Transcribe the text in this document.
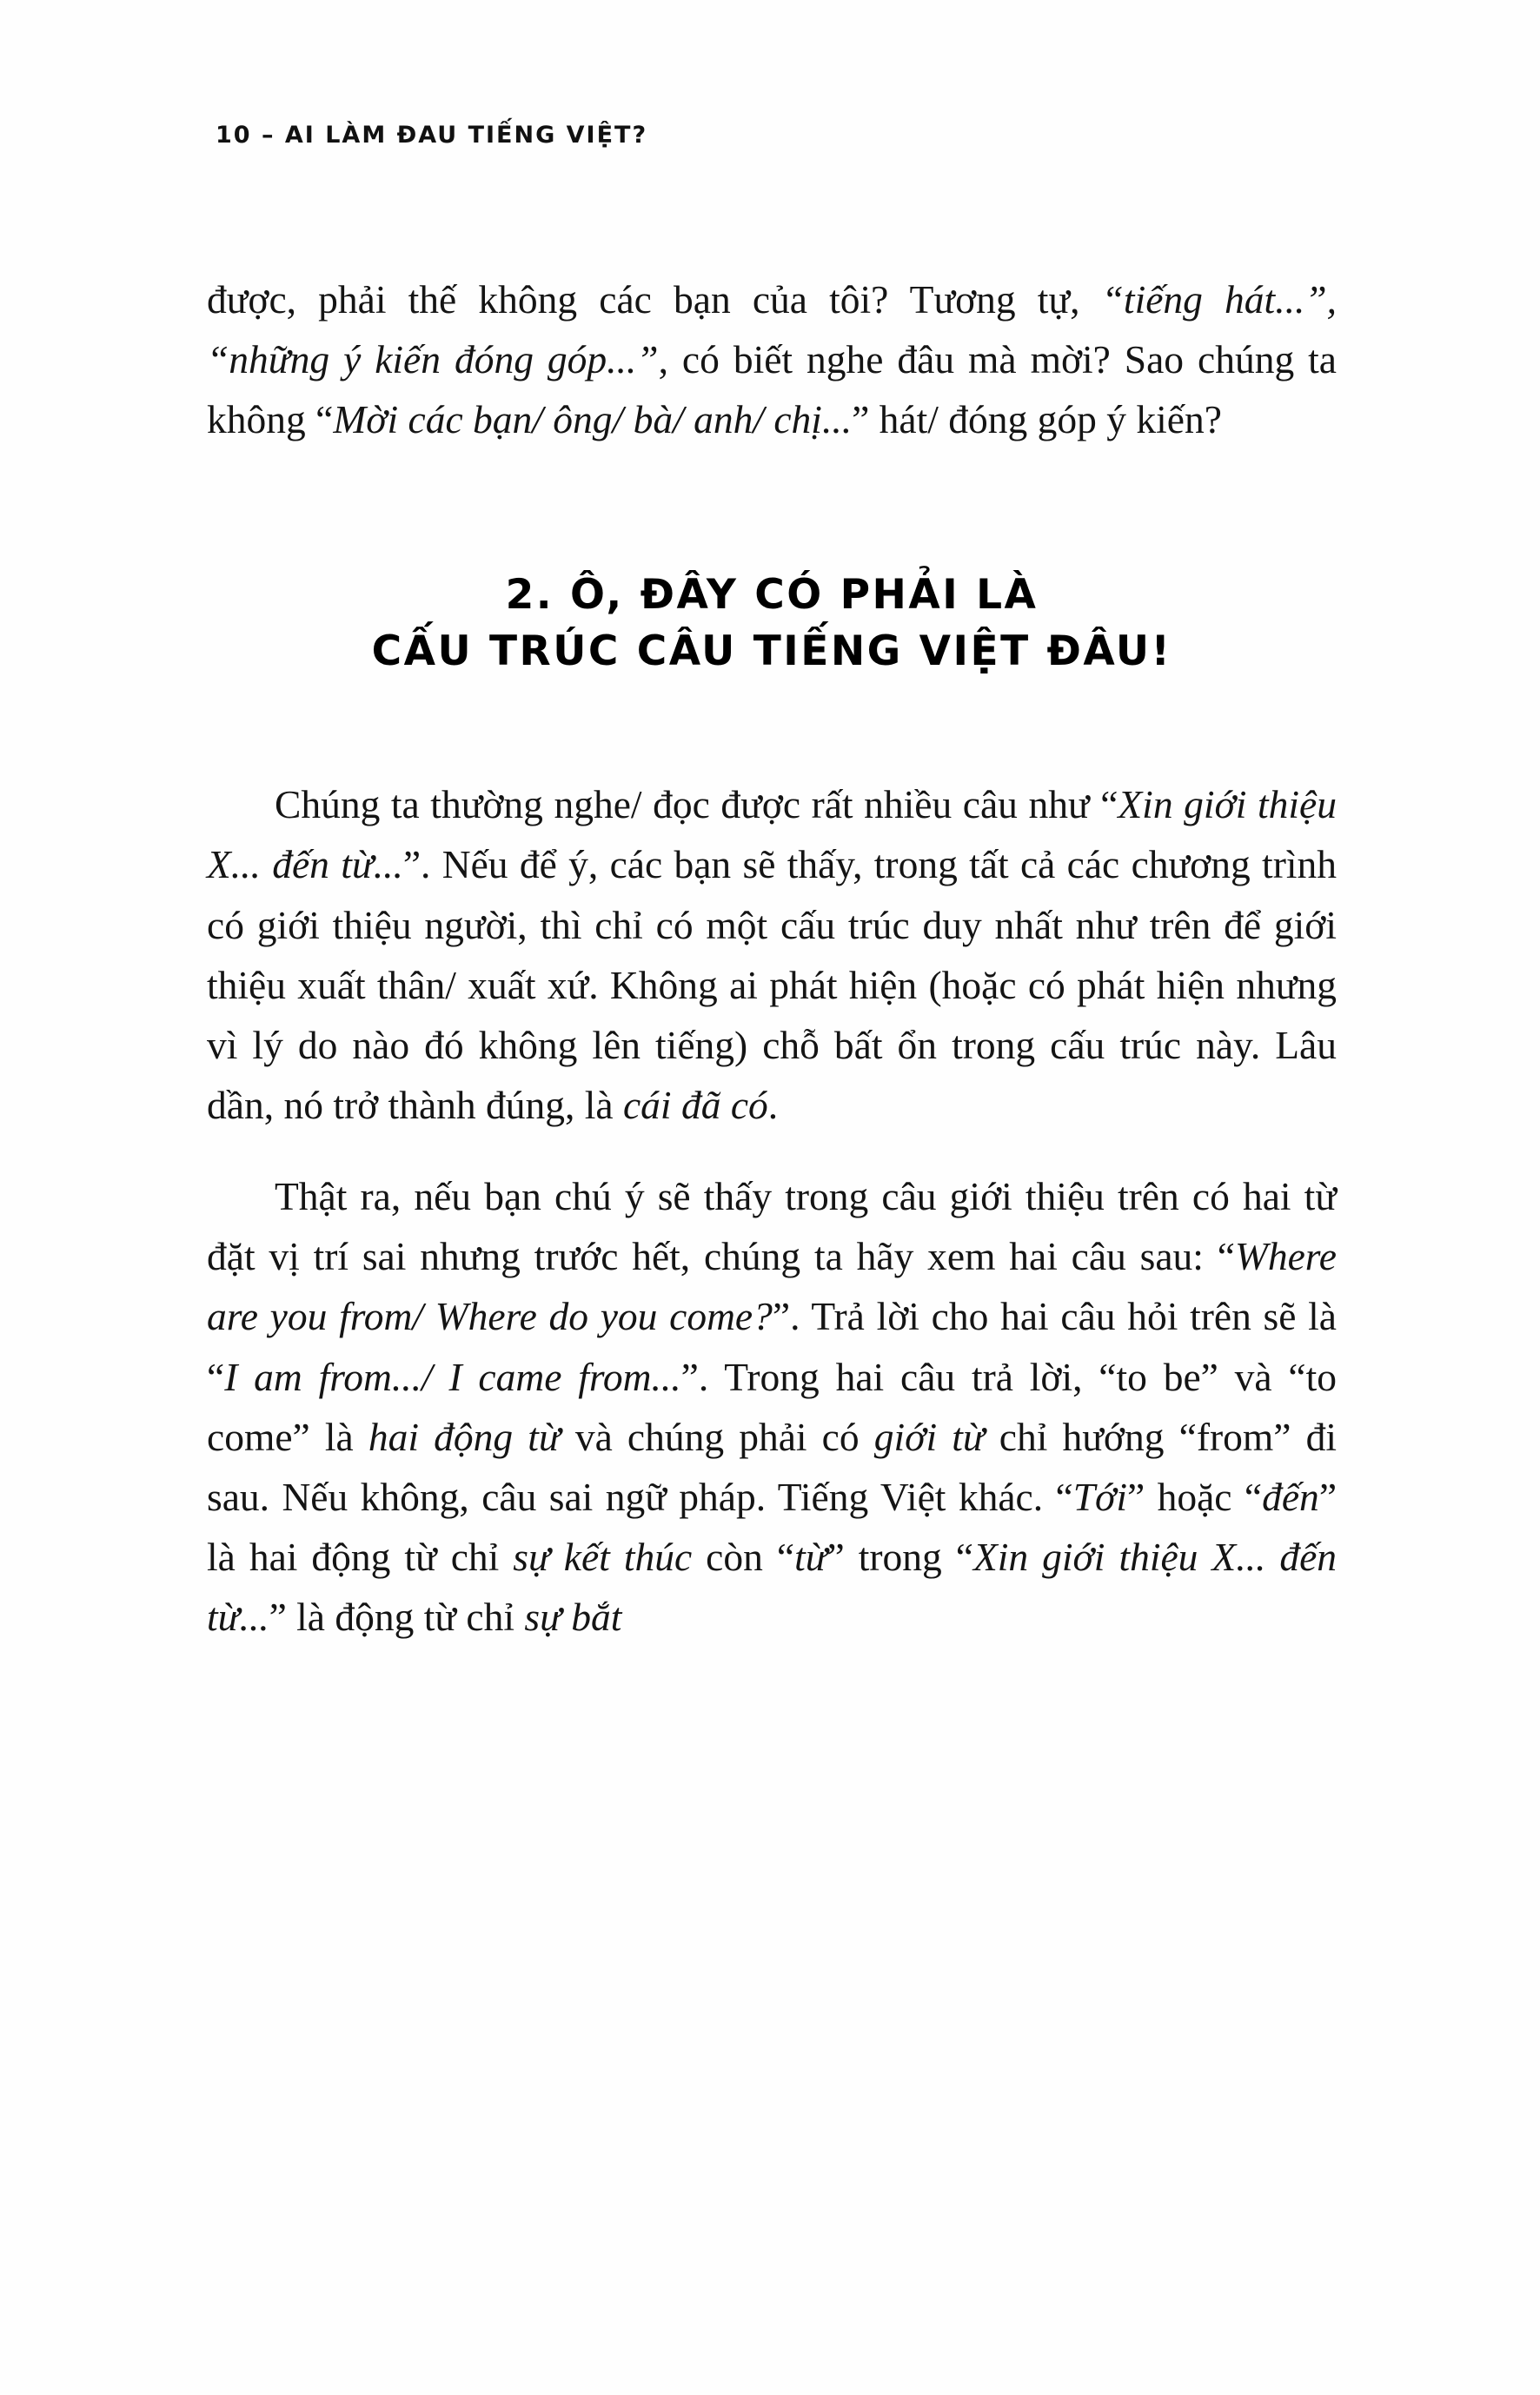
10 – AI LÀM ĐAU TIẾNG VIỆT?

được, phải thế không các bạn của tôi? Tương tự, “tiếng hát...”, “những ý kiến đóng góp...”, có biết nghe đâu mà mời? Sao chúng ta không “Mời các bạn/ ông/ bà/ anh/ chị...” hát/ đóng góp ý kiến?

2. Ô, ĐÂY CÓ PHẢI LÀ
CẤU TRÚC CÂU TIẾNG VIỆT ĐÂU!

Chúng ta thường nghe/ đọc được rất nhiều câu như “Xin giới thiệu X... đến từ...”. Nếu để ý, các bạn sẽ thấy, trong tất cả các chương trình có giới thiệu người, thì chỉ có một cấu trúc duy nhất như trên để giới thiệu xuất thân/ xuất xứ. Không ai phát hiện (hoặc có phát hiện nhưng vì lý do nào đó không lên tiếng) chỗ bất ổn trong cấu trúc này. Lâu dần, nó trở thành đúng, là cái đã có.

Thật ra, nếu bạn chú ý sẽ thấy trong câu giới thiệu trên có hai từ đặt vị trí sai nhưng trước hết, chúng ta hãy xem hai câu sau: “Where are you from/ Where do you come?”. Trả lời cho hai câu hỏi trên sẽ là “I am from.../ I came from...”. Trong hai câu trả lời, “to be” và “to come” là hai động từ và chúng phải có giới từ chỉ hướng “from” đi sau. Nếu không, câu sai ngữ pháp. Tiếng Việt khác. “Tới” hoặc “đến” là hai động từ chỉ sự kết thúc còn “từ” trong “Xin giới thiệu X... đến từ...” là động từ chỉ sự bắt
